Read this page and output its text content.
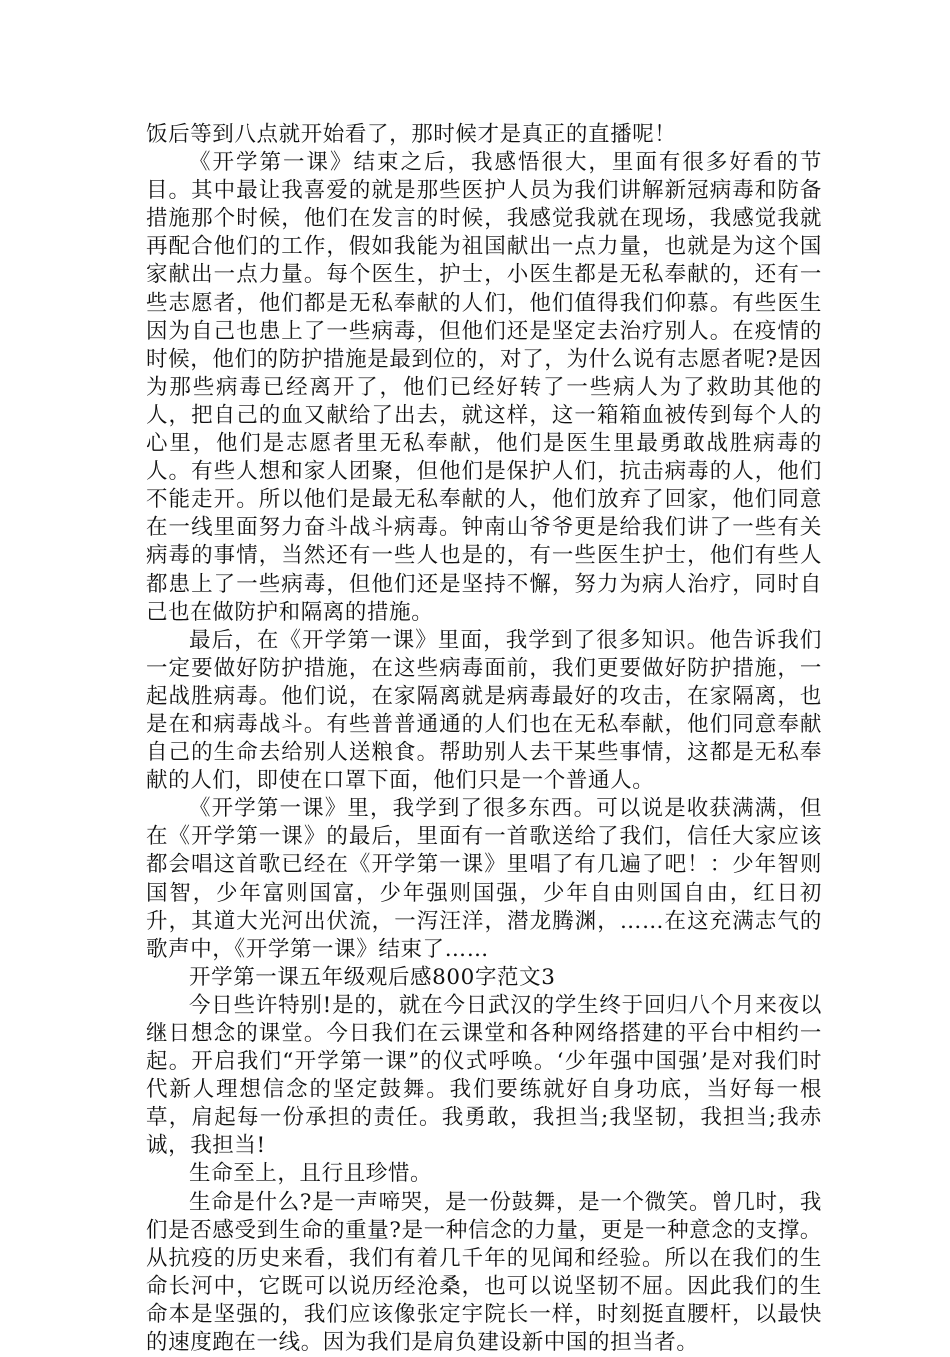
饭后等到八点就开始看了，那时候才是真正的直播呢！

《开学第一课》结束之后，我感悟很大，里面有很多好看的节目。其中最让我喜爱的就是那些医护人员为我们讲解新冠病毒和防备措施那个时候，他们在发言的时候，我感觉我就在现场，我感觉我就再配合他们的工作，假如我能为祖国献出一点力量，也就是为这个国家献出一点力量。每个医生，护士，小医生都是无私奉献的，还有一些志愿者，他们都是无私奉献的人们，他们值得我们仰慕。有些医生因为自己也患上了一些病毒，但他们还是坚定去治疗别人。在疫情的时候，他们的防护措施是最到位的，对了，为什么说有志愿者呢?是因为那些病毒已经离开了，他们已经好转了一些病人为了救助其他的人，把自己的血又献给了出去，就这样，这一箱箱血被传到每个人的心里，他们是志愿者里无私奉献，他们是医生里最勇敢战胜病毒的人。有些人想和家人团聚，但他们是保护人们，抗击病毒的人，他们不能走开。所以他们是最无私奉献的人，他们放弃了回家，他们同意在一线里面努力奋斗战斗病毒。钟南山爷爷更是给我们讲了一些有关病毒的事情，当然还有一些人也是的，有一些医生护士，他们有些人都患上了一些病毒，但他们还是坚持不懈，努力为病人治疗，同时自己也在做防护和隔离的措施。

最后，在《开学第一课》里面，我学到了很多知识。他告诉我们一定要做好防护措施，在这些病毒面前，我们更要做好防护措施，一起战胜病毒。他们说，在家隔离就是病毒最好的攻击，在家隔离，也是在和病毒战斗。有些普普通通的人们也在无私奉献，他们同意奉献自己的生命去给别人送粮食。帮助别人去干某些事情，这都是无私奉献的人们，即使在口罩下面，他们只是一个普通人。

《开学第一课》里，我学到了很多东西。可以说是收获满满，但在《开学第一课》的最后，里面有一首歌送给了我们，信任大家应该都会唱这首歌已经在《开学第一课》里唱了有几遍了吧！：少年智则国智，少年富则国富，少年强则国强，少年自由则国自由，红日初升，其道大光河出伏流，一泻汪洋，潜龙腾渊，……在这充满志气的歌声中，《开学第一课》结束了……

开学第一课五年级观后感800字范文3

今日些许特别!是的，就在今日武汉的学生终于回归八个月来夜以继日想念的课堂。今日我们在云课堂和各种网络搭建的平台中相约一起。开启我们“开学第一课”的仪式呼唤。‘少年强中国强’是对我们时代新人理想信念的坚定鼓舞。我们要练就好自身功底，当好每一根草，肩起每一份承担的责任。我勇敢，我担当;我坚韧，我担当;我赤诚，我担当!

生命至上，且行且珍惜。

生命是什么?是一声啼哭，是一份鼓舞，是一个微笑。曾几时，我们是否感受到生命的重量?是一种信念的力量，更是一种意念的支撑。从抗疫的历史来看，我们有着几千年的见闻和经验。所以在我们的生命长河中，它既可以说历经沧桑，也可以说坚韧不屈。因此我们的生命本是坚强的，我们应该像张定宇院长一样，时刻挺直腰杆，以最快的速度跑在一线。因为我们是肩负建设新中国的担当者。
